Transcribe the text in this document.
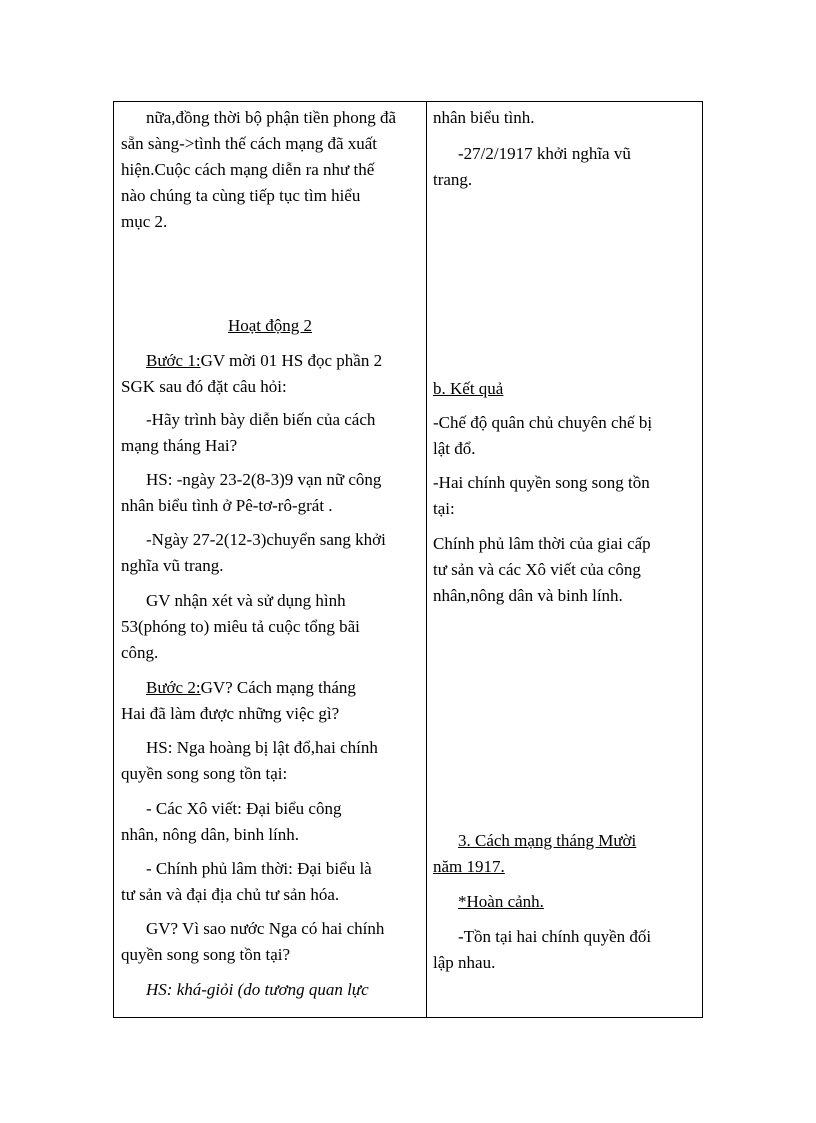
nữa,đồng thời bộ phận tiền phong đã
sẵn sàng->tình thế cách mạng đã xuất
hiện.Cuộc cách mạng diễn ra như thế
nào chúng ta cùng tiếp tục tìm hiểu
mục 2.
Hoạt động 2
Bước 1:GV mời 01 HS đọc phần 2
SGK sau đó đặt câu hỏi:
-Hãy trình bày diễn biến của cách
mạng tháng Hai?
HS: -ngày 23-2(8-3)9 vạn nữ công
nhân biểu tình ở Pê-tơ-rô-grát .
-Ngày 27-2(12-3)chuyển sang khởi
nghĩa vũ trang.
GV nhận xét và sử dụng hình
53(phóng to) miêu tả cuộc tổng bãi
công.
Bước 2:GV? Cách mạng tháng
Hai đã làm được những việc gì?
HS: Nga hoàng bị lật đổ,hai chính
quyền song song tồn tại:
- Các Xô viết: Đại biểu công
nhân, nông dân, binh lính.
- Chính phủ lâm thời: Đại biểu là
tư sản và đại địa chủ tư sản hóa.
GV? Vì sao nước Nga có hai chính
quyền song song tồn tại?
HS: khá-giỏi (do tương quan lực
nhân biểu tình.
-27/2/1917 khởi nghĩa vũ
trang.
b. Kết quả
-Chế độ quân chủ chuyên chế bị
lật đổ.
-Hai chính quyền song song tồn
tại:
Chính phủ lâm thời của giai cấp
tư sản và các Xô viết của công
nhân,nông dân và binh lính.
3. Cách mạng tháng Mười
năm 1917.
*Hoàn cảnh.
-Tồn tại hai chính quyền đối
lập nhau.
